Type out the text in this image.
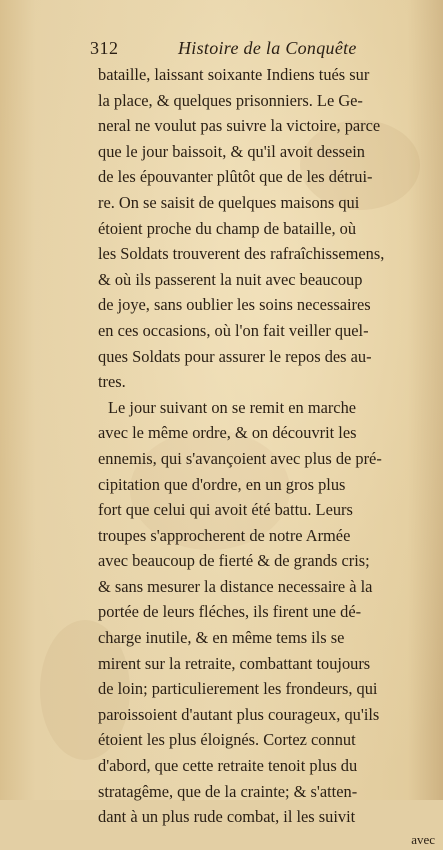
312	Histoire de la Conquête
bataille, laissant soixante Indiens tués sur
la place, & quelques prisonniers. Le Ge-
neral ne voulut pas suivre la victoire, parce
que le jour baissoit, & qu'il avoit dessein
de les épouvanter plûtôt que de les détrui-
re. On se saisit de quelques maisons qui
étoient proche du champ de bataille, où
les Soldats trouverent des rafraîchissemens,
& où ils passerent la nuit avec beaucoup
de joye, sans oublier les soins necessaires
en ces occasions, où l'on fait veiller quel-
ques Soldats pour assurer le repos des au-
tres.
Le jour suivant on se remit en marche
avec le même ordre, & on découvrit les
ennemis, qui s'avançoient avec plus de pré-
cipitation que d'ordre, en un gros plus
fort que celui qui avoit été battu. Leurs
troupes s'approcherent de notre Armée
avec beaucoup de fierté & de grands cris;
& sans mesurer la distance necessaire à la
portée de leurs fléches, ils firent une dé-
charge inutile, & en même tems ils se
mirent sur la retraite, combattant toujours
de loin; particulierement les frondeurs, qui
paroissoient d'autant plus courageux, qu'ils
étoient les plus éloignés. Cortez connut
d'abord, que cette retraite tenoit plus du
stratagême, que de la crainte; & s'atten-
dant à un plus rude combat, il les suivit
avec
